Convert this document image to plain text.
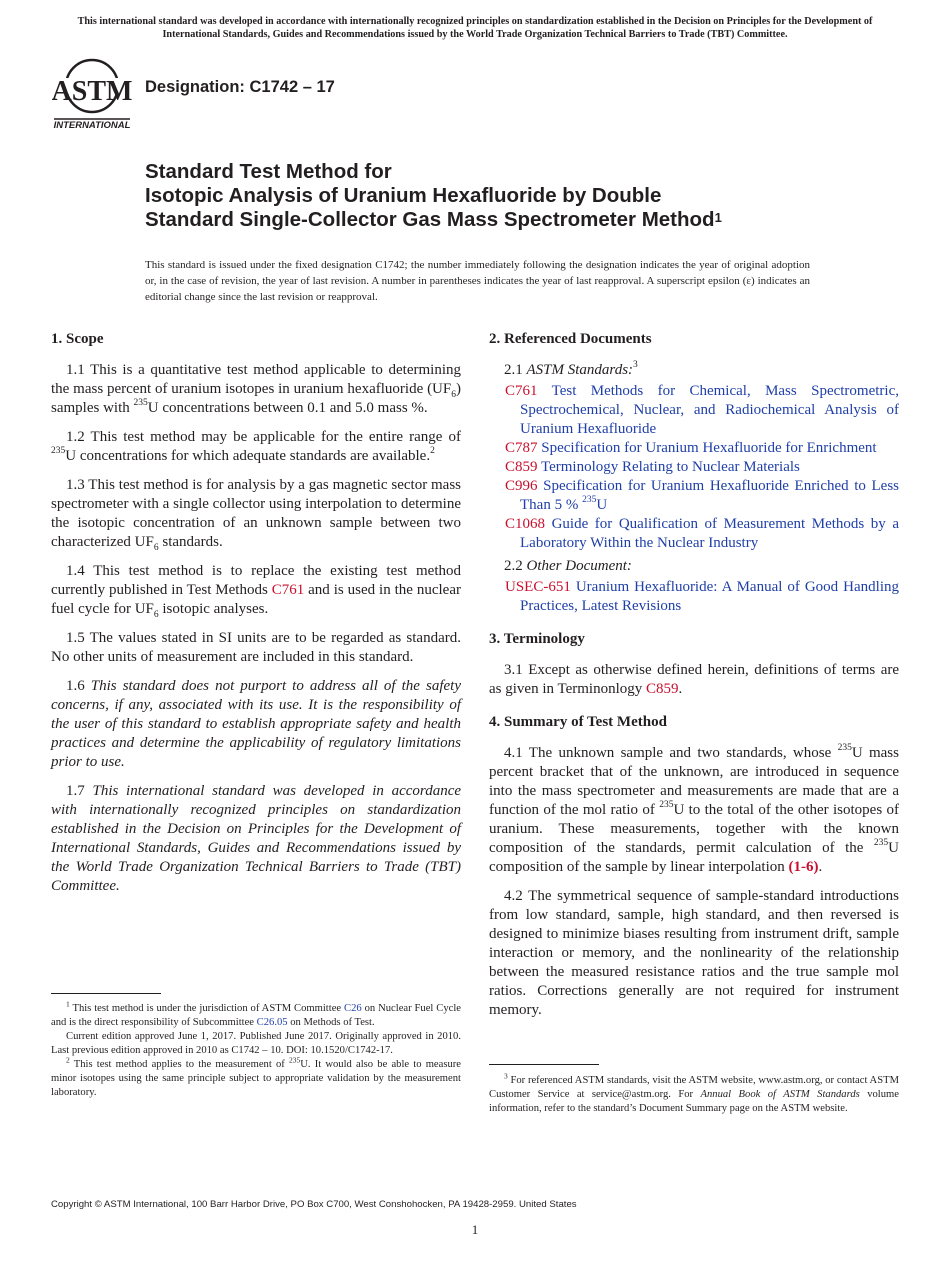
This international standard was developed in accordance with internationally recognized principles on standardization established in the Decision on Principles for the Development of International Standards, Guides and Recommendations issued by the World Trade Organization Technical Barriers to Trade (TBT) Committee.
ASTM
INTERNATIONAL
Designation: C1742 – 17
Standard Test Method for
Isotopic Analysis of Uranium Hexafluoride by Double
Standard Single-Collector Gas Mass Spectrometer Method$^1$
This standard is issued under the fixed designation C1742; the number immediately following the designation indicates the year of original adoption or, in the case of revision, the year of last revision. A number in parentheses indicates the year of last reapproval. A superscript epsilon (ε) indicates an editorial change since the last revision or reapproval.
1. Scope

1.1 This is a quantitative test method applicable to determining the mass percent of uranium isotopes in uranium hexafluoride $(UF_6)$ samples with $^{235}$U concentrations between 0.1 and 5.0 mass %.

1.2 This test method may be applicable for the entire range of $^{235}$U concentrations for which adequate standards are available.$^2$

1.3 This test method is for analysis by a gas magnetic sector mass spectrometer with a single collector using interpolation to determine the isotopic concentration of an unknown sample between two characterized $UF_6$ standards.

1.4 This test method is to replace the existing test method currently published in Test Methods C761 and is used in the nuclear fuel cycle for $UF_6$ isotopic analyses.

1.5 The values stated in SI units are to be regarded as standard. No other units of measurement are included in this standard.

1.6 This standard does not purport to address all of the safety concerns, if any, associated with its use. It is the responsibility of the user of this standard to establish appropriate safety and health practices and determine the applicability of regulatory limitations prior to use.

1.7 This international standard was developed in accordance with internationally recognized principles on standardization established in the Decision on Principles for the Development of International Standards, Guides and Recommendations issued by the World Trade Organization Technical Barriers to Trade (TBT) Committee.

2. Referenced Documents
2.1 ASTM Standards:$^3$
C761 Test Methods for Chemical, Mass Spectrometric, Spectrochemical, Nuclear, and Radiochemical Analysis of Uranium Hexafluoride
C787 Specification for Uranium Hexafluoride for Enrichment
C859 Terminology Relating to Nuclear Materials
C996 Specification for Uranium Hexafluoride Enriched to Less Than 5 % $^{235}$U
C1068 Guide for Qualification of Measurement Methods by a Laboratory Within the Nuclear Industry
2.2 Other Document:
USEC-651 Uranium Hexafluoride: A Manual of Good Handling Practices, Latest Revisions
3. Terminology

3.1 Except as otherwise defined herein, definitions of terms are as given in Terminonlogy C859.

4. Summary of Test Method

4.1 The unknown sample and two standards, whose $^{235}$U mass percent bracket that of the unknown, are introduced in sequence into the mass spectrometer and measurements are made that are a function of the mol ratio of $^{235}$U to the total of the other isotopes of uranium. These measurements, together with the known composition of the standards, permit calculation of the $^{235}$U composition of the sample by linear interpolation (1-6).

4.2 The symmetrical sequence of sample-standard introductions from low standard, sample, high standard, and then reversed is designed to minimize biases resulting from instrument drift, sample interaction or memory, and the nonlinearity of the relationship between the measured resistance ratios and the true sample mol ratios. Corrections generally are not required for instrument memory.

$^1$ This test method is under the jurisdiction of ASTM Committee C26 on Nuclear Fuel Cycle and is the direct responsibility of Subcommittee C26.05 on Methods of Test.

Current edition approved June 1, 2017. Published June 2017. Originally approved in 2010. Last previous edition approved in 2010 as C1742 – 10. DOI: 10.1520/C1742-17.

$^2$ This test method applies to the measurement of $^{235}$U. It would also be able to measure minor isotopes using the same principle subject to appropriate validation by the measurement laboratory.

$^3$ For referenced ASTM standards, visit the ASTM website, www.astm.org, or contact ASTM Customer Service at service@astm.org. For Annual Book of ASTM Standards volume information, refer to the standard’s Document Summary page on the ASTM website.

Copyright © ASTM International, 100 Barr Harbor Drive, PO Box C700, West Conshohocken, PA 19428-2959. United States
1
